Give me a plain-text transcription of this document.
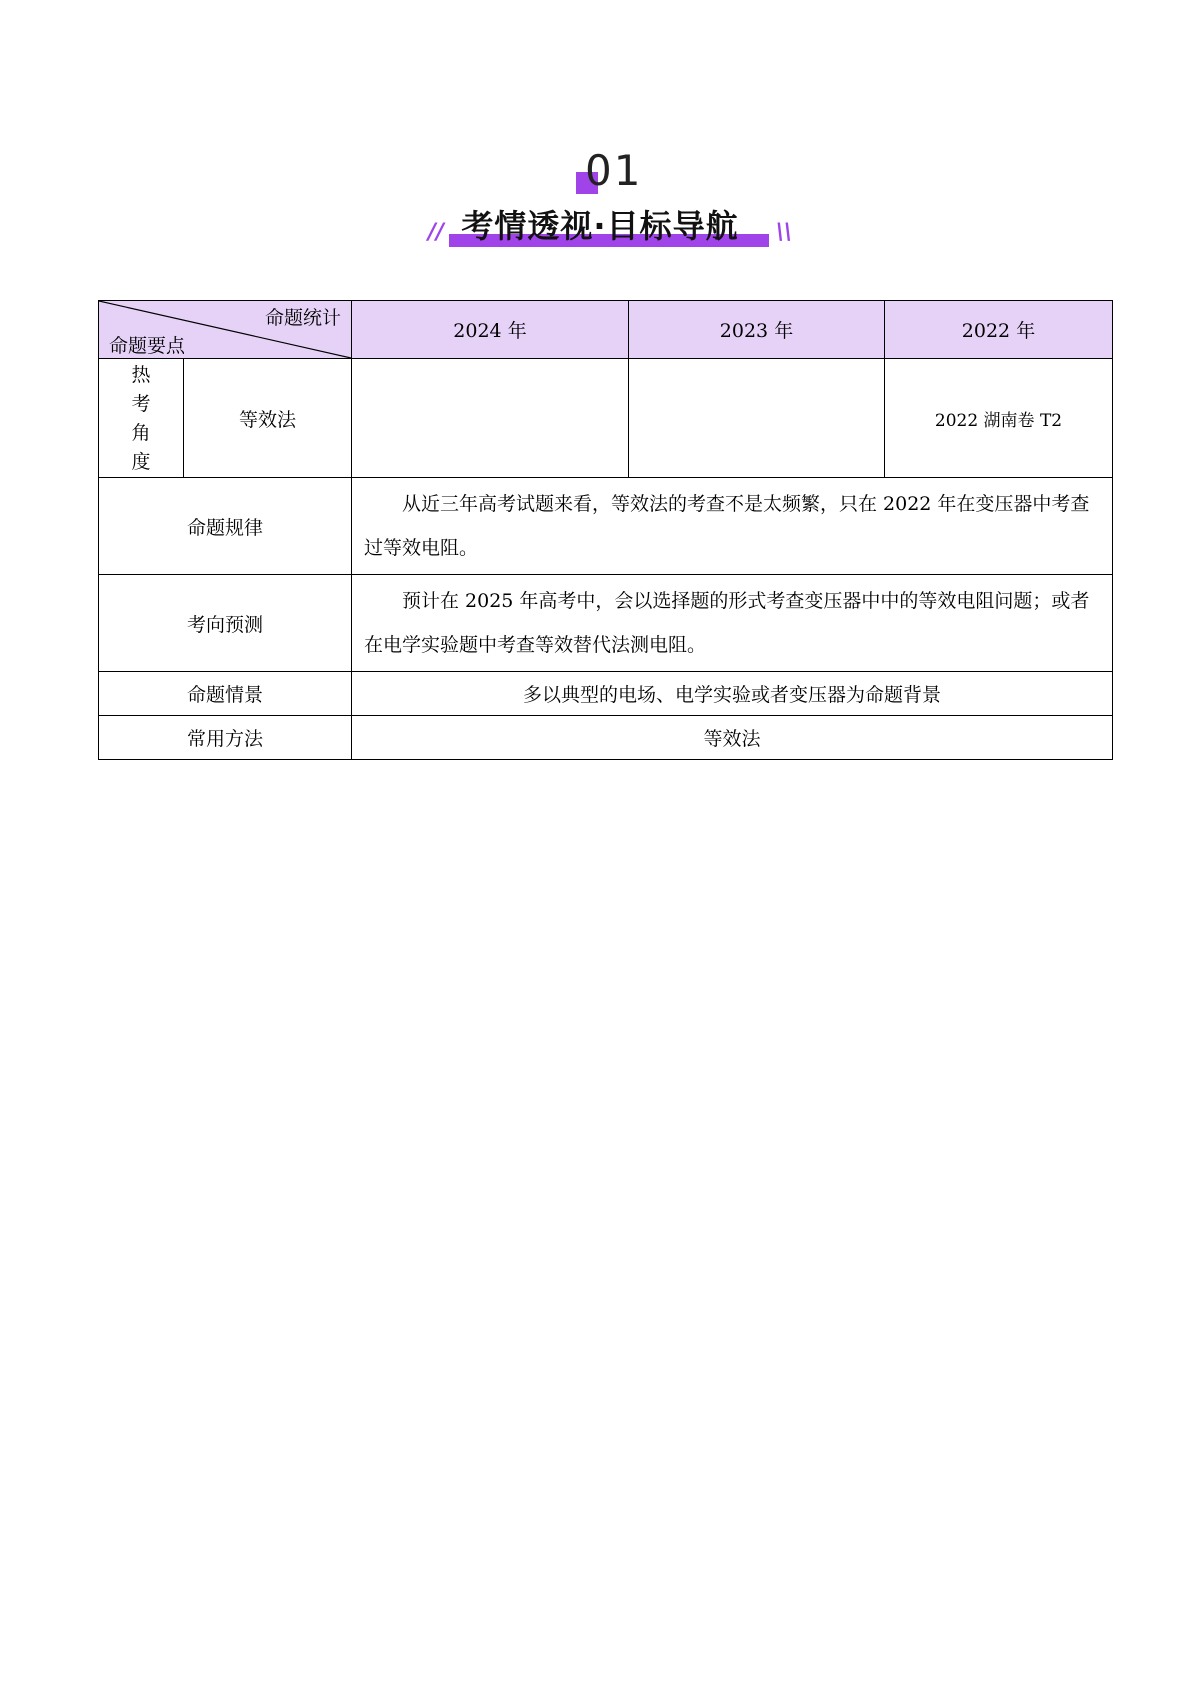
01
// 考情透视·目标导航	\\
命题统计
命题要点		2024 年	2023 年	2022 年

热
考
角
度	等效法			2022 湖南卷 T2
命题规律		从近三年高考试题来看，等效法的考查不是太频繁，只在 2022 年在变压器中考查过等效电阻。		
考向预测		预计在 2025 年高考中，会以选择题的形式考查变压器中中的等效电阻问题；或者在电学实验题中考查等效替代法测电阻。		
命题情景		多以典型的电场、电学实验或者变压器为命题背景		
常用方法		等效法		
